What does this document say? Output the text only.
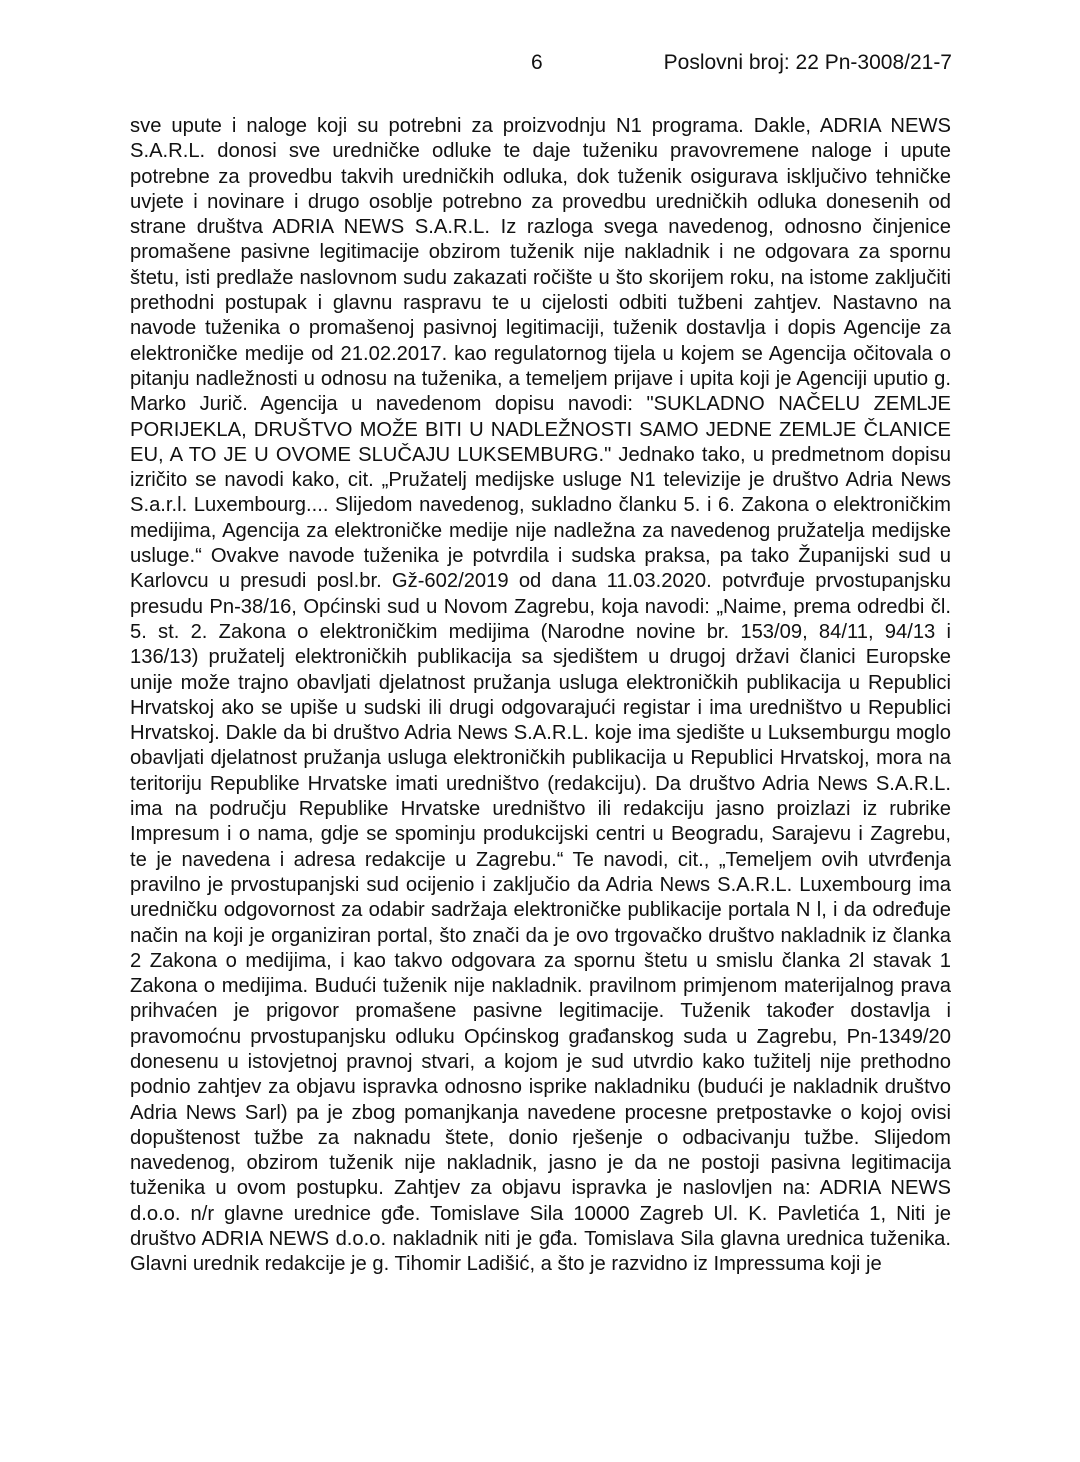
6	Poslovni broj: 22 Pn-3008/21-7

sve upute i naloge koji su potrebni za proizvodnju N1 programa. Dakle, ADRIA NEWS S.A.R.L. donosi sve uredničke odluke te daje tuženiku pravovremene naloge i upute potrebne za provedbu takvih uredničkih odluka, dok tuženik osigurava isključivo tehničke uvjete i novinare i drugo osoblje potrebno za provedbu uredničkih odluka donesenih od strane društva ADRIA NEWS S.A.R.L. Iz razloga svega navedenog, odnosno činjenice promašene pasivne legitimacije obzirom tuženik nije nakladnik i ne odgovara za spornu štetu, isti predlaže naslovnom sudu zakazati ročište u što skorijem roku, na istome zaključiti prethodni postupak i glavnu raspravu te u cijelosti odbiti tužbeni zahtjev. Nastavno na navode tuženika o promašenoj pasivnoj legitimaciji, tuženik dostavlja i dopis Agencije za elektroničke medije od 21.02.2017. kao regulatornog tijela u kojem se Agencija očitovala o pitanju nadležnosti u odnosu na tuženika, a temeljem prijave i upita koji je Agenciji uputio g. Marko Jurič. Agencija u navedenom dopisu navodi: "SUKLADNO NAČELU ZEMLJE PORIJEKLA, DRUŠTVO MOŽE BITI U NADLEŽNOSTI SAMO JEDNE ZEMLJE ČLANICE EU, A TO JE U OVOME SLUČAJU LUKSEMBURG." Jednako tako, u predmetnom dopisu izričito se navodi kako, cit. „Pružatelj medijske usluge N1 televizije je društvo Adria News S.a.r.l. Luxembourg.... Slijedom navedenog, sukladno članku 5. i 6. Zakona o elektroničkim medijima, Agencija za elektroničke medije nije nadležna za navedenog pružatelja medijske usluge.“ Ovakve navode tuženika je potvrdila i sudska praksa, pa tako Županijski sud u Karlovcu u presudi posl.br. Gž-602/2019 od dana 11.03.2020. potvrđuje prvostupanjsku presudu Pn-38/16, Općinski sud u Novom Zagrebu, koja navodi: „Naime, prema odredbi čl. 5. st. 2. Zakona o elektroničkim medijima (Narodne novine br. 153/09, 84/11, 94/13 i 136/13) pružatelj elektroničkih publikacija sa sjedištem u drugoj državi članici Europske unije može trajno obavljati djelatnost pružanja usluga elektroničkih publikacija u Republici Hrvatskoj ako se upiše u sudski ili drugi odgovarajući registar i ima uredništvo u Republici Hrvatskoj. Dakle da bi društvo Adria News S.A.R.L. koje ima sjedište u Luksemburgu moglo obavljati djelatnost pružanja usluga elektroničkih publikacija u Republici Hrvatskoj, mora na teritoriju Republike Hrvatske imati uredništvo (redakciju). Da društvo Adria News S.A.R.L. ima na području Republike Hrvatske uredništvo ili redakciju jasno proizlazi iz rubrike Impresum i o nama, gdje se spominju produkcijski centri u Beogradu, Sarajevu i Zagrebu, te je navedena i adresa redakcije u Zagrebu.“ Te navodi, cit., „Temeljem ovih utvrđenja pravilno je prvostupanjski sud ocijenio i zaključio da Adria News S.A.R.L. Luxembourg ima uredničku odgovornost za odabir sadržaja elektroničke publikacije portala N l, i da određuje način na koji je organiziran portal, što znači da je ovo trgovačko društvo nakladnik iz članka 2 Zakona o medijima, i kao takvo odgovara za spornu štetu u smislu članka 2l stavak 1 Zakona o medijima. Budući tuženik nije nakladnik. pravilnom primjenom materijalnog prava prihvaćen je prigovor promašene pasivne legitimacije. Tuženik također dostavlja i pravomoćnu prvostupanjsku odluku Općinskog građanskog suda u Zagrebu, Pn-1349/20 donesenu u istovjetnoj pravnoj stvari, a kojom je sud utvrdio kako tužitelj nije prethodno podnio zahtjev za objavu ispravka odnosno isprike nakladniku (budući je nakladnik društvo Adria News Sarl) pa je zbog pomanjkanja navedene procesne pretpostavke o kojoj ovisi dopuštenost tužbe za naknadu štete, donio rješenje o odbacivanju tužbe. Slijedom navedenog, obzirom tuženik nije nakladnik, jasno je da ne postoji pasivna legitimacija tuženika u ovom postupku. Zahtjev za objavu ispravka je naslovljen na: ADRIA NEWS d.o.o. n/r glavne urednice gđe. Tomislave Sila 10000 Zagreb Ul. K. Pavletića 1, Niti je društvo ADRIA NEWS d.o.o. nakladnik niti je gđa. Tomislava Sila glavna urednica tuženika. Glavni urednik redakcije je g. Tihomir Ladišić, a što je razvidno iz Impressuma koji je
